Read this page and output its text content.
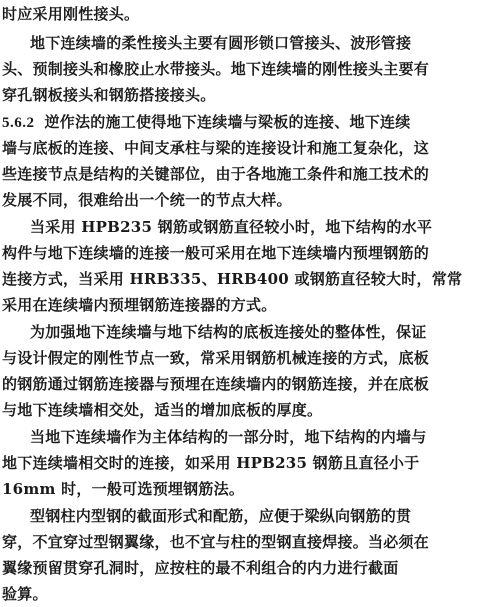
时应采用刚性接头。
地下连续墙的柔性接头主要有圆形锁口管接头、波形管接
头、预制接头和橡胶止水带接头。地下连续墙的刚性接头主要有
穿孔钢板接头和钢筋搭接接头。
5.6.2 逆作法的施工使得地下连续墙与梁板的连接、地下连续
墙与底板的连接、中间支承柱与梁的连接设计和施工复杂化，这
些连接节点是结构的关键部位，由于各地施工条件和施工技术的
发展不同，很难给出一个统一的节点大样。
当采用 HPB235 钢筋或钢筋直径较小时，地下结构的水平
构件与地下连续墙的连接一般可采用在地下连续墙内预埋钢筋的
连接方式，当采用 HRB335、HRB400 或钢筋直径较大时，常常
采用在连续墙内预埋钢筋连接器的方式。
为加强地下连续墙与地下结构的底板连接处的整体性，保证
与设计假定的刚性节点一致，常采用钢筋机械连接的方式，底板
的钢筋通过钢筋连接器与预埋在连续墙内的钢筋连接，并在底板
与地下连续墙相交处，适当的增加底板的厚度。
当地下连续墙作为主体结构的一部分时，地下结构的内墙与
地下连续墙相交时的连接，如采用 HPB235 钢筋且直径小于
16mm 时，一般可选预埋钢筋法。
型钢柱内型钢的截面形式和配筋，应便于梁纵向钢筋的贯
穿，不宜穿过型钢翼缘，也不宜与柱的型钢直接焊接。当必须在
翼缘预留贯穿孔洞时，应按柱的最不利组合的内力进行截面
验算。
